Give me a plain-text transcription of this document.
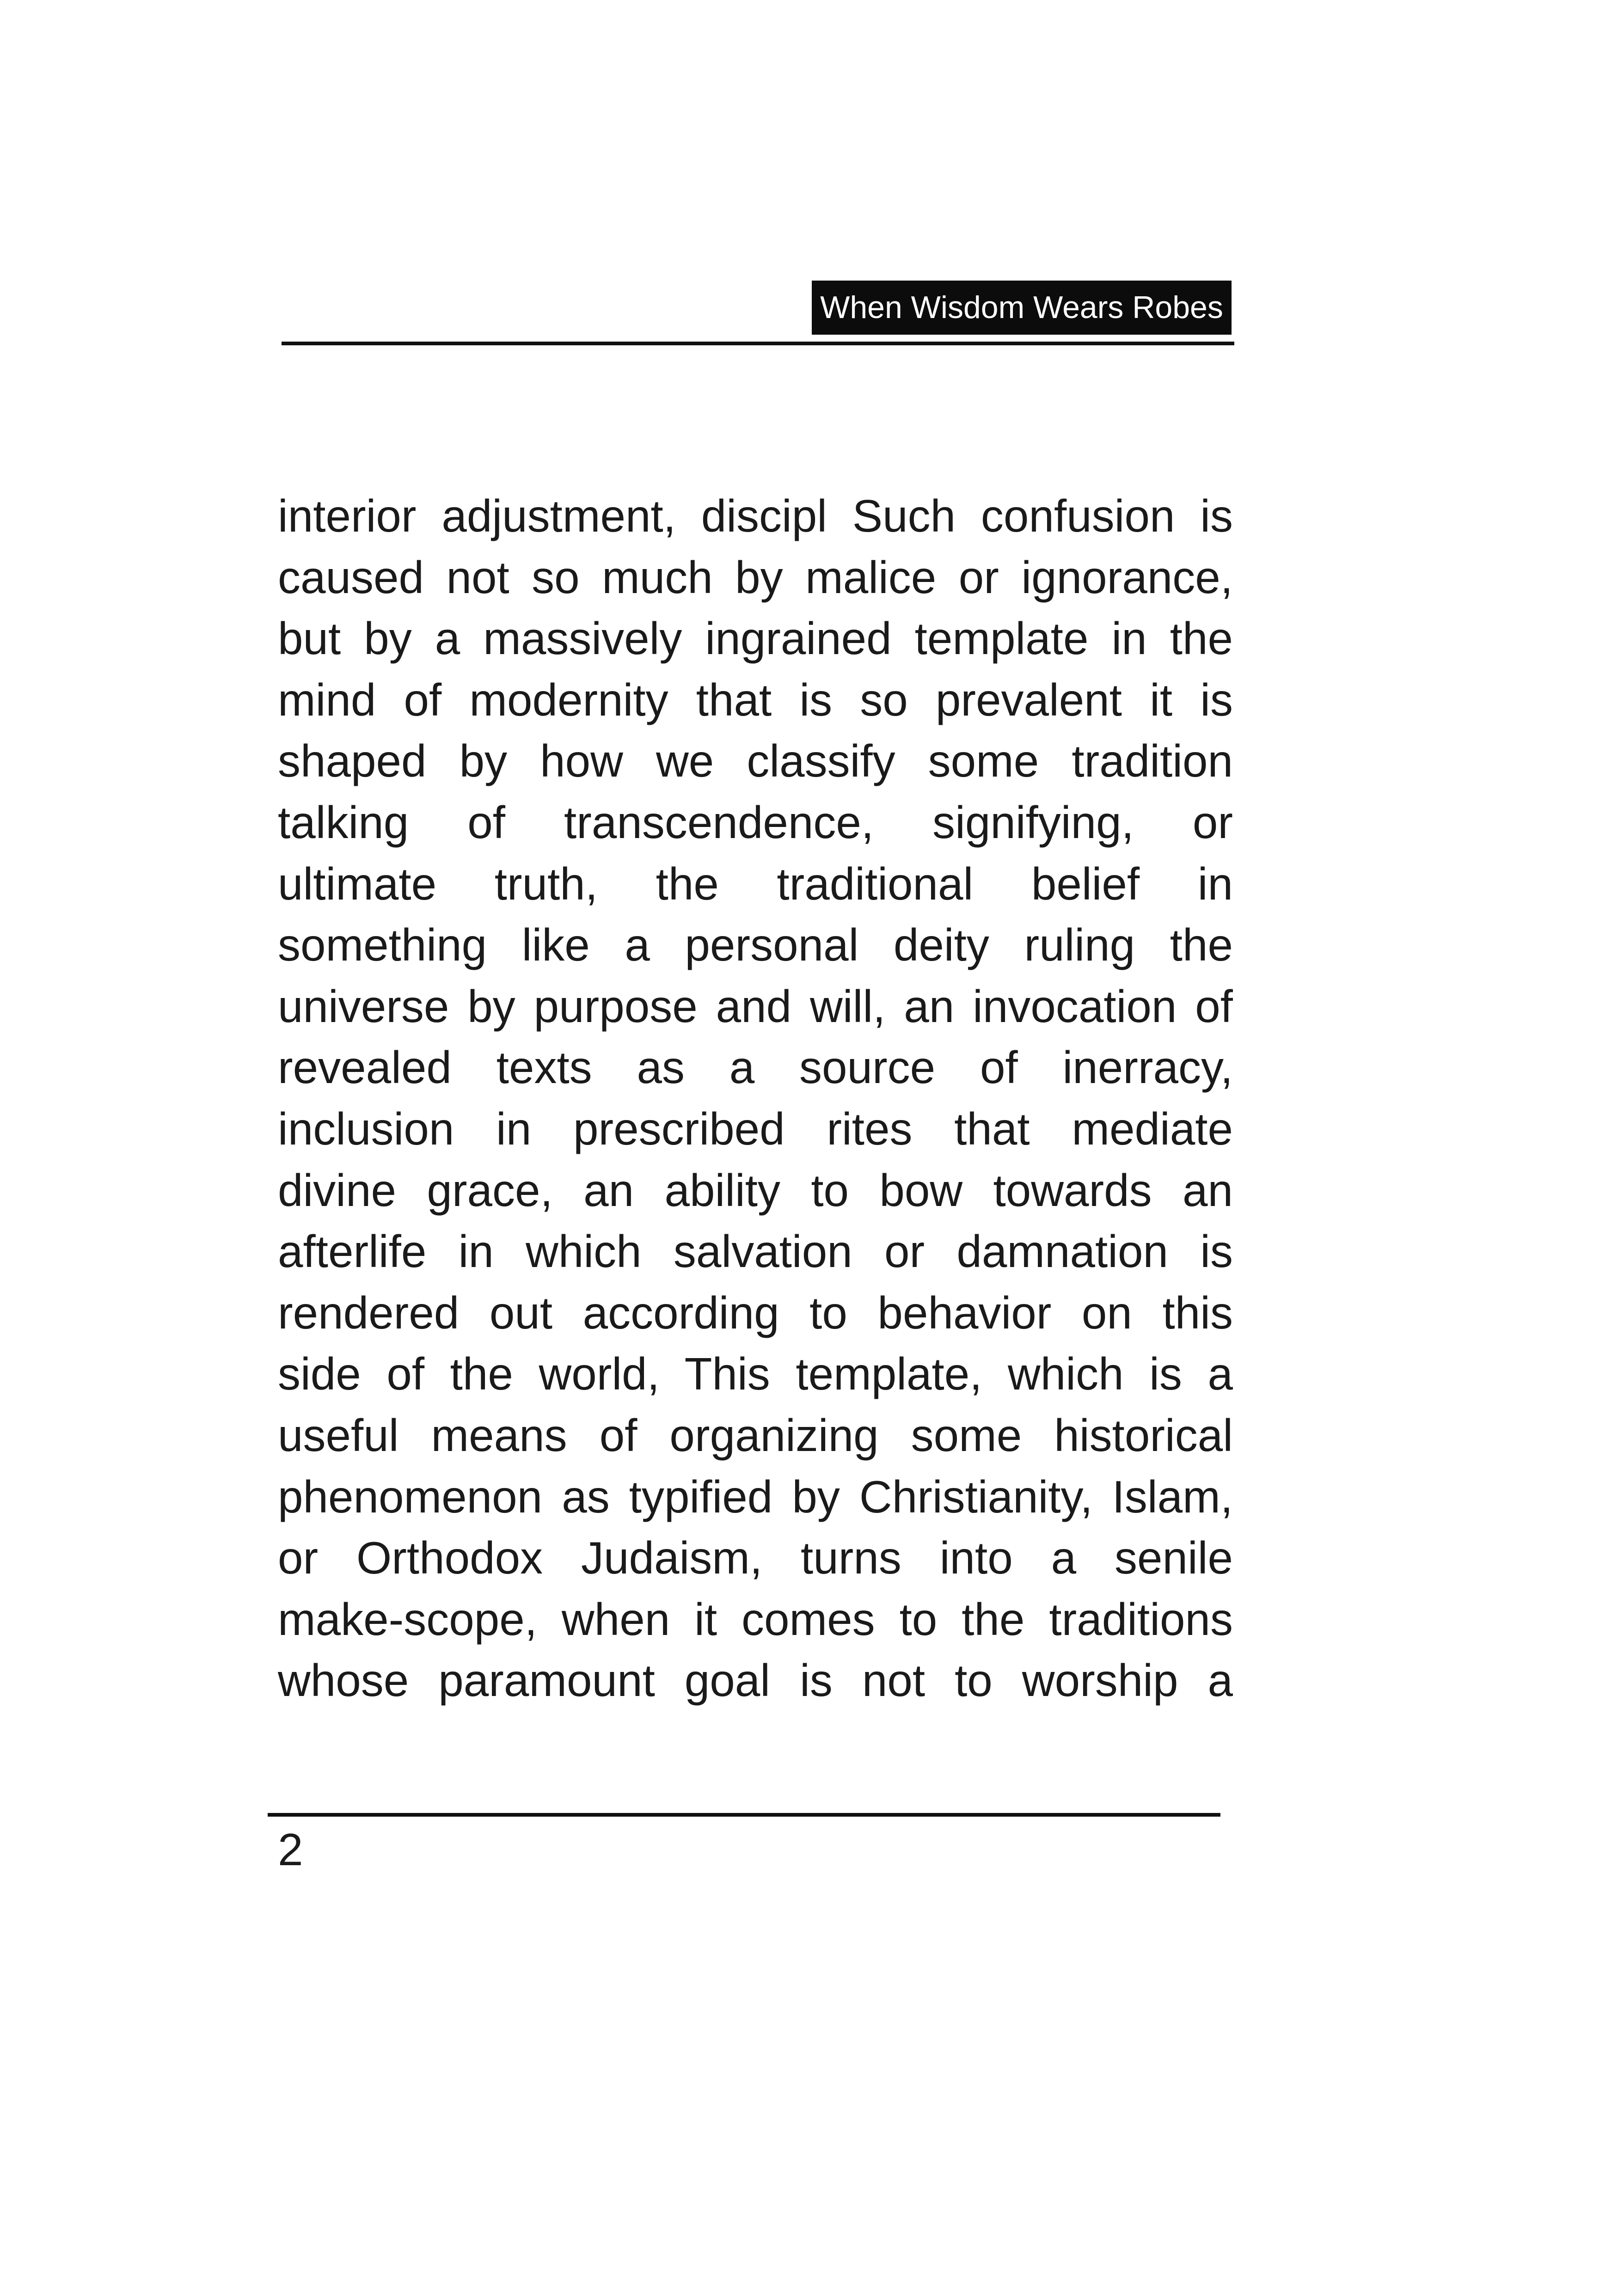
When Wisdom Wears Robes
interior adjustment, discipl Such confusion is
caused not so much by malice or ignorance,
but by a massively ingrained template in the
mind of modernity that is so prevalent it is
shaped by how we classify some tradition
talking of transcendence, signifying, or
ultimate truth, the traditional belief in
something like a personal deity ruling the
universe by purpose and will, an invocation of
revealed texts as a source of inerracy,
inclusion in prescribed rites that mediate
divine grace, an ability to bow towards an
afterlife in which salvation or damnation is
rendered out according to behavior on this
side of the world, This template, which is a
useful means of organizing some historical
phenomenon as typified by Christianity, Islam,
or Orthodox Judaism, turns into a senile
make-scope, when it comes to the traditions
whose paramount goal is not to worship a
2
